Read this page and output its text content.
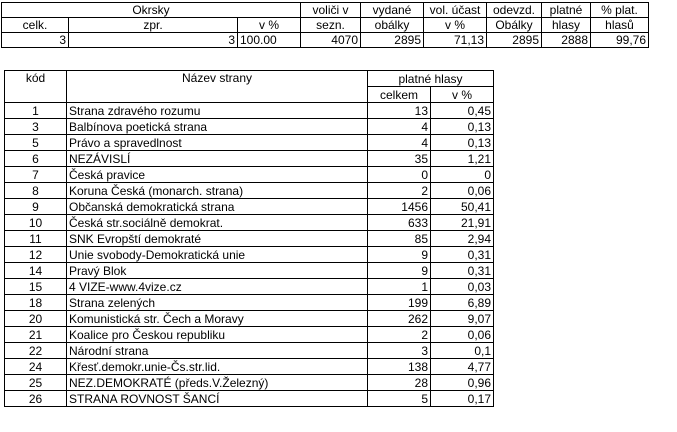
Okrsky			voliči v	vydané	vol. účast	odevzd.	platné	% plat.
celk.	zpr.	v %	sezn.	obálky	v %	Obálky	hlasy	hlasů
3	3	100.00	4070	2895	71,13	2895	2888	99,76
kód	Název strany	platné hlasy	
		celkem	v %
1	Strana zdravého rozumu	13	0,45
3	Balbínova poetická strana	4	0,13
5	Právo a spravedlnost	4	0,13
6	NEZÁVISLÍ	35	1,21
7	Česká pravice	0	0
8	Koruna Česká (monarch. strana)	2	0,06
9	Občanská demokratická strana	1456	50,41
10	Česká str.sociálně demokrat.	633	21,91
11	SNK Evropští demokraté	85	2,94
12	Unie svobody-Demokratická unie	9	0,31
14	Pravý Blok	9	0,31
15	4 VIZE-www.4vize.cz	1	0,03
18	Strana zelených	199	6,89
20	Komunistická str. Čech a Moravy	262	9,07
21	Koalice pro Českou republiku	2	0,06
22	Národní strana	3	0,1
24	Křesť.demokr.unie-Čs.str.lid.	138	4,77
25	NEZ.DEMOKRATÉ (předs.V.Železný)	28	0,96
26	STRANA ROVNOST ŠANCÍ	5	0,17
